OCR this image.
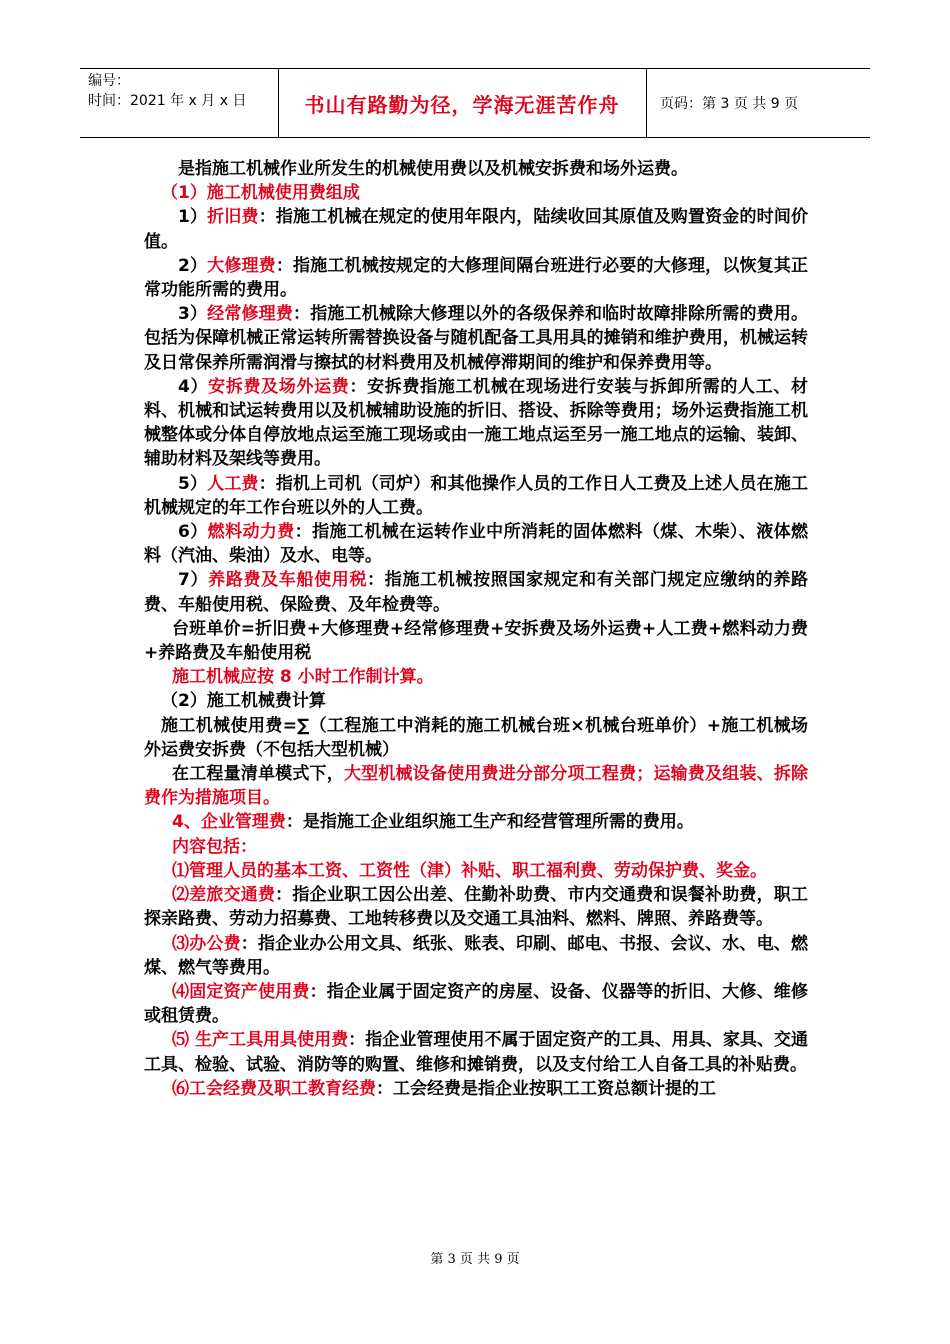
编号：
时间：2021 年 x 月 x 日	书山有路勤为径，学海无涯苦作舟	页码：第 3 页 共 9 页

是指施工机械作业所发生的机械使用费以及机械安拆费和场外运费。

（1）施工机械使用费组成

1）折旧费：指施工机械在规定的使用年限内，陆续收回其原值及购置资金的时间价值。

2）大修理费：指施工机械按规定的大修理间隔台班进行必要的大修理，以恢复其正常功能所需的费用。

3）经常修理费：指施工机械除大修理以外的各级保养和临时故障排除所需的费用。包括为保障机械正常运转所需替换设备与随机配备工具用具的摊销和维护费用，机械运转及日常保养所需润滑与擦拭的材料费用及机械停滞期间的维护和保养费用等。

4）安拆费及场外运费：安拆费指施工机械在现场进行安装与拆卸所需的人工、材料、机械和试运转费用以及机械辅助设施的折旧、搭设、拆除等费用；场外运费指施工机械整体或分体自停放地点运至施工现场或由一施工地点运至另一施工地点的运输、装卸、辅助材料及架线等费用。

5）人工费：指机上司机（司炉）和其他操作人员的工作日人工费及上述人员在施工机械规定的年工作台班以外的人工费。

6）燃料动力费：指施工机械在运转作业中所消耗的固体燃料（煤、木柴）、液体燃料（汽油、柴油）及水、电等。

7）养路费及车船使用税：指施工机械按照国家规定和有关部门规定应缴纳的养路费、车船使用税、保险费、及年检费等。

台班单价=折旧费+大修理费+经常修理费+安拆费及场外运费+人工费+燃料动力费+养路费及车船使用税

施工机械应按 8 小时工作制计算。

（2）施工机械费计算

施工机械使用费=∑（工程施工中消耗的施工机械台班×机械台班单价）+施工机械场外运费安拆费（不包括大型机械）

在工程量清单模式下，大型机械设备使用费进分部分项工程费；运输费及组装、拆除费作为措施项目。

4、企业管理费：是指施工企业组织施工生产和经营管理所需的费用。

内容包括：

⑴管理人员的基本工资、工资性（津）补贴、职工福利费、劳动保护费、奖金。

⑵差旅交通费：指企业职工因公出差、住勤补助费、市内交通费和误餐补助费，职工探亲路费、劳动力招募费、工地转移费以及交通工具油料、燃料、牌照、养路费等。

⑶办公费：指企业办公用文具、纸张、账表、印刷、邮电、书报、会议、水、电、燃煤、燃气等费用。

⑷固定资产使用费：指企业属于固定资产的房屋、设备、仪器等的折旧、大修、维修或租赁费。

⑸ 生产工具用具使用费：指企业管理使用不属于固定资产的工具、用具、家具、交通工具、检验、试验、消防等的购置、维修和摊销费，以及支付给工人自备工具的补贴费。

⑹工会经费及职工教育经费：工会经费是指企业按职工工资总额计提的工

第 3 页 共 9 页
